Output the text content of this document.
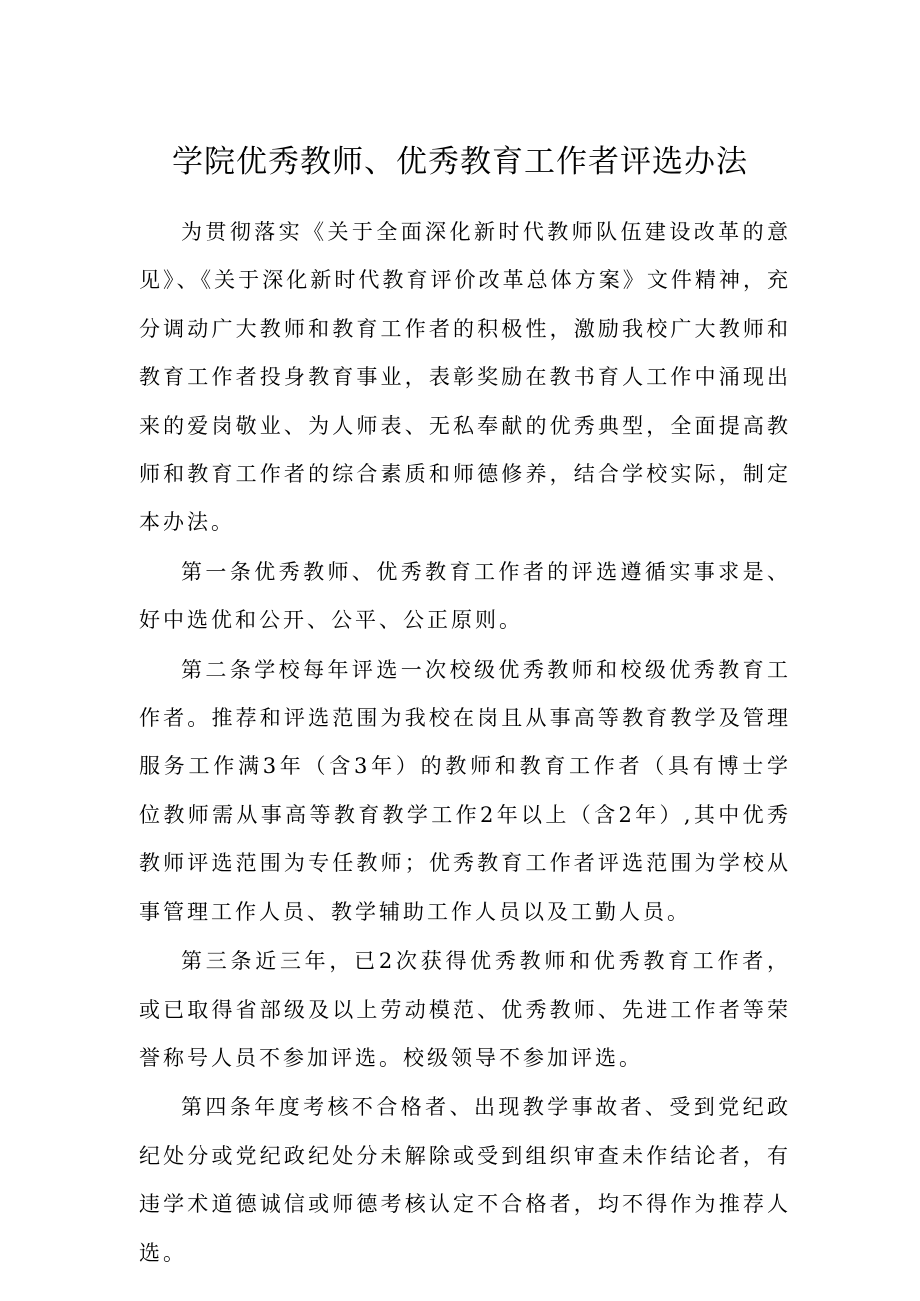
学院优秀教师、优秀教育工作者评选办法

为贯彻落实《关于全面深化新时代教师队伍建设改革的意见》、《关于深化新时代教育评价改革总体方案》文件精神，充分调动广大教师和教育工作者的积极性，激励我校广大教师和教育工作者投身教育事业，表彰奖励在教书育人工作中涌现出来的爱岗敬业、为人师表、无私奉献的优秀典型，全面提高教师和教育工作者的综合素质和师德修养，结合学校实际，制定本办法。

第一条优秀教师、优秀教育工作者的评选遵循实事求是、好中选优和公开、公平、公正原则。

第二条学校每年评选一次校级优秀教师和校级优秀教育工作者。推荐和评选范围为我校在岗且从事高等教育教学及管理服务工作满3年（含3年）的教师和教育工作者（具有博士学位教师需从事高等教育教学工作2年以上（含2年）,其中优秀教师评选范围为专任教师；优秀教育工作者评选范围为学校从事管理工作人员、教学辅助工作人员以及工勤人员。

第三条近三年，已2次获得优秀教师和优秀教育工作者，或已取得省部级及以上劳动模范、优秀教师、先进工作者等荣誉称号人员不参加评选。校级领导不参加评选。

第四条年度考核不合格者、出现教学事故者、受到党纪政纪处分或党纪政纪处分未解除或受到组织审查未作结论者，有违学术道德诚信或师德考核认定不合格者，均不得作为推荐人选。
